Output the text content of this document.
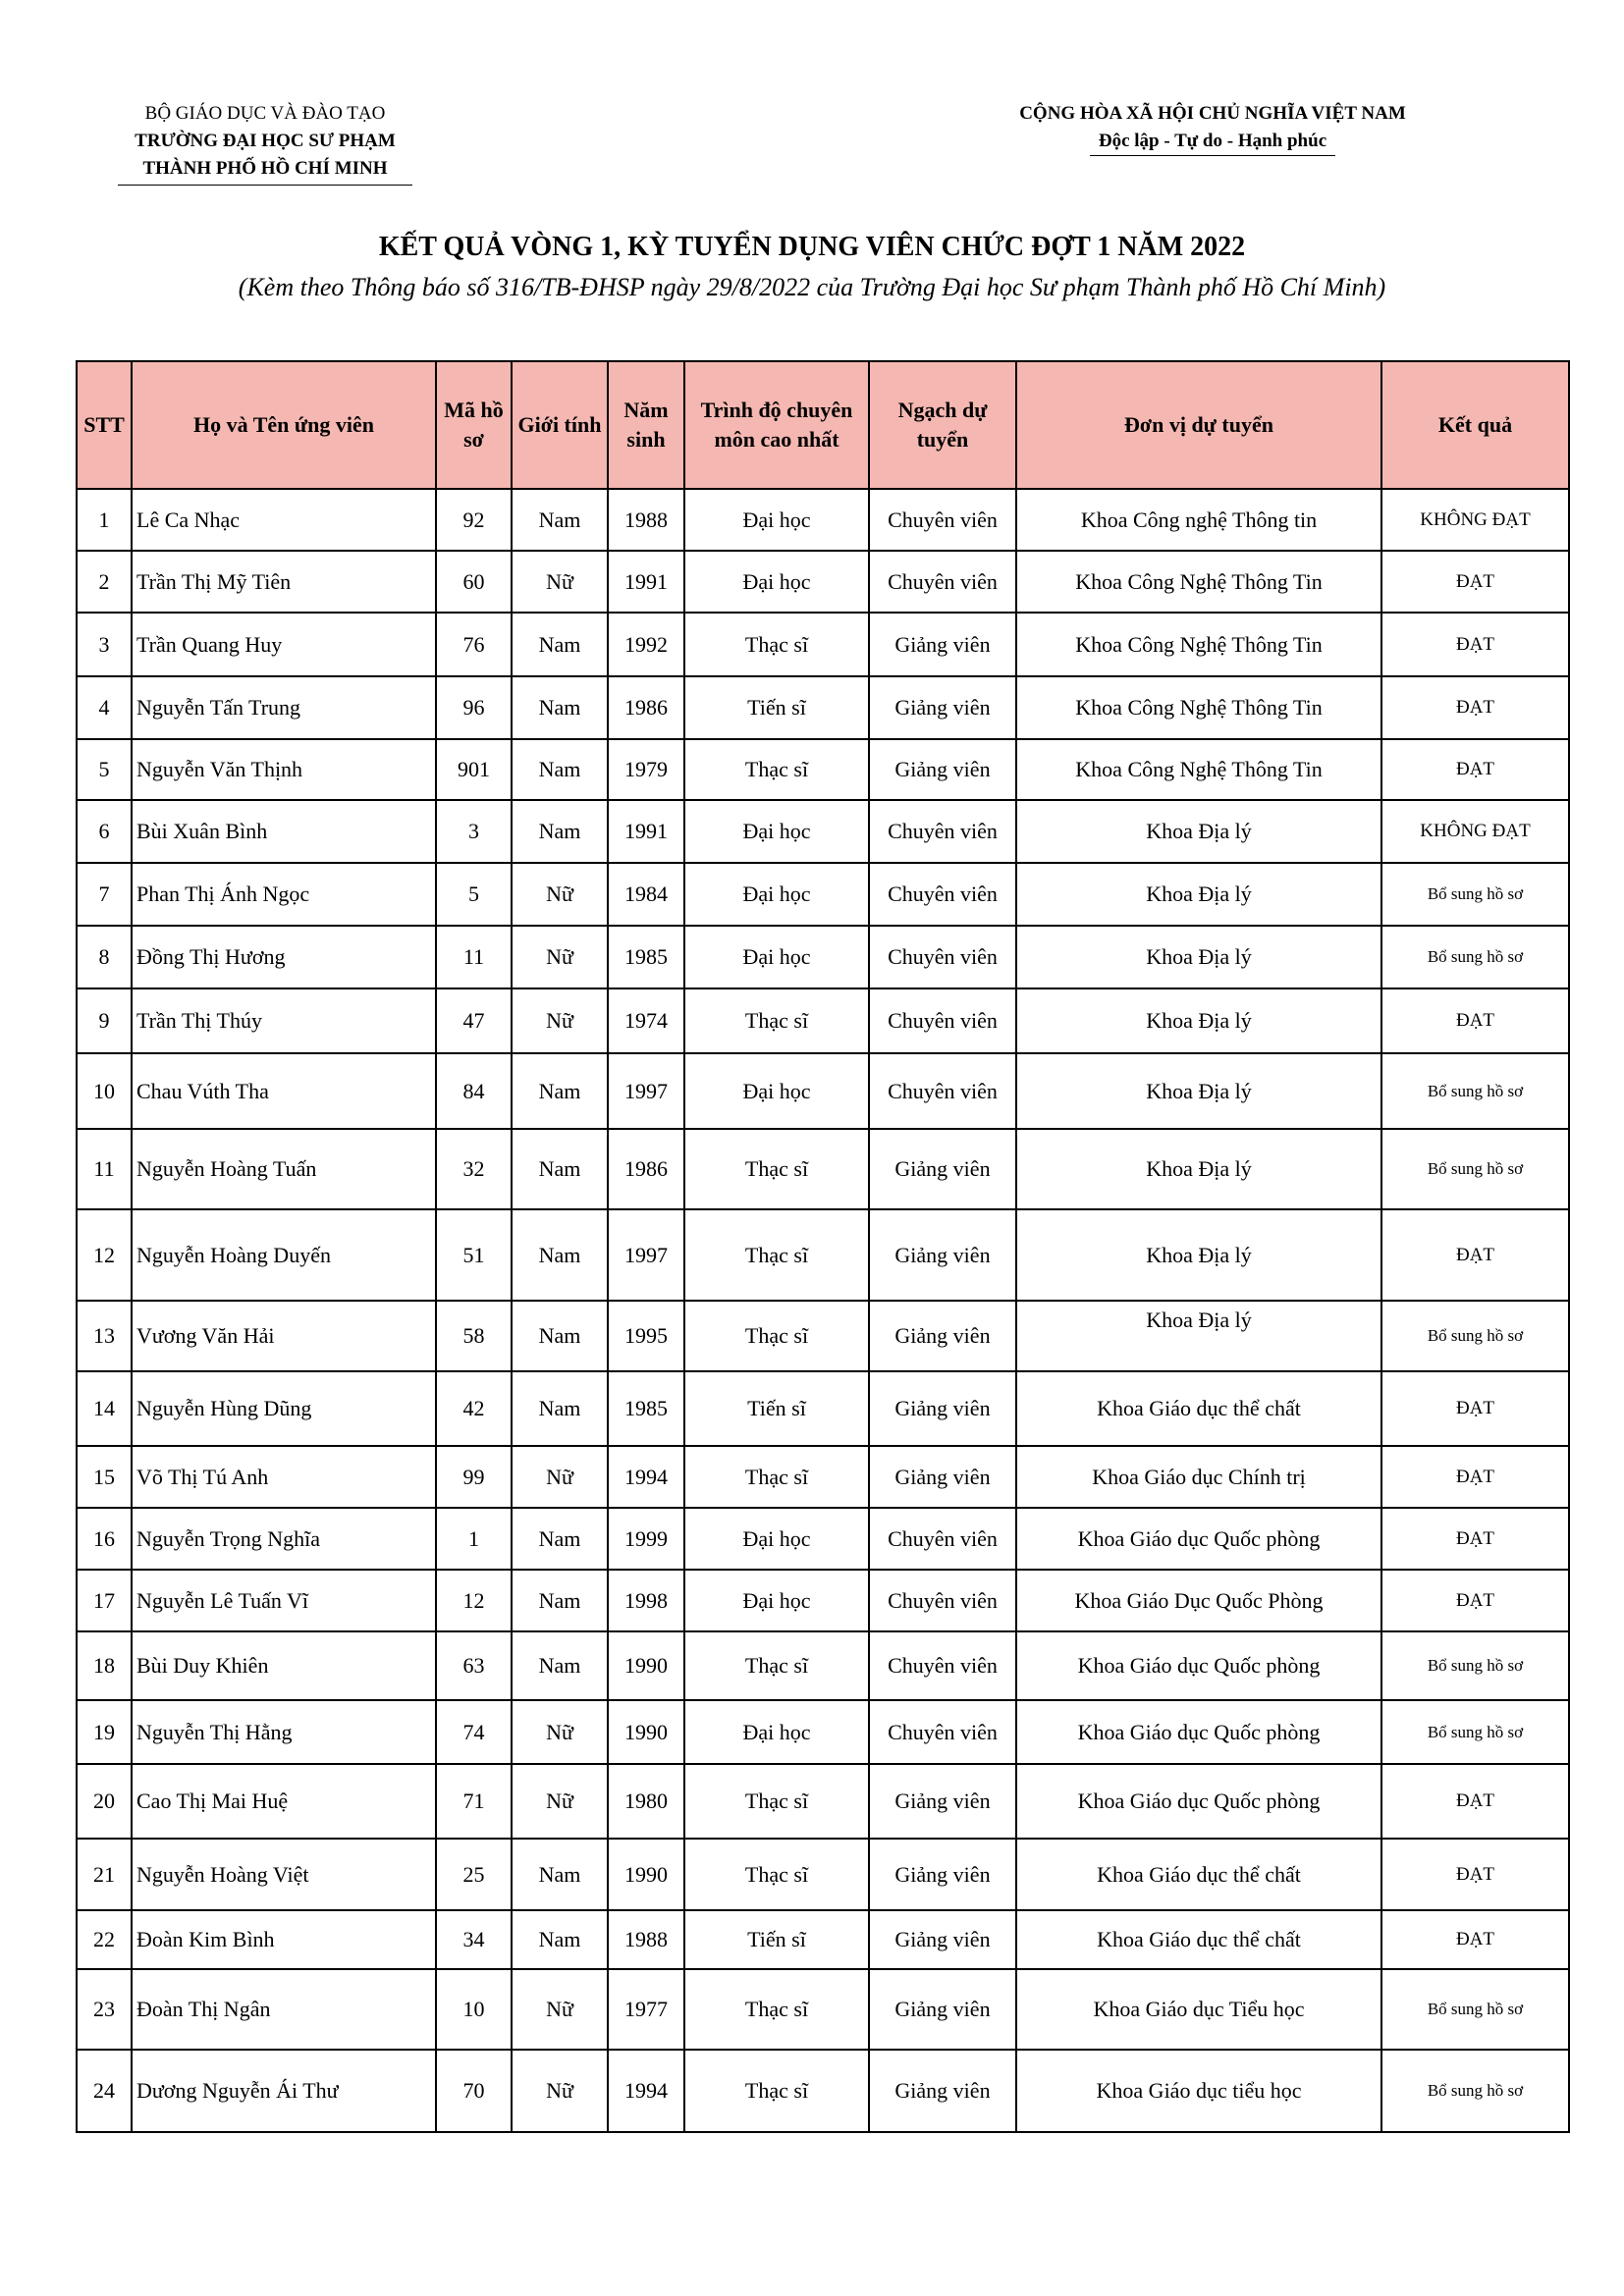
BỘ GIÁO DỤC VÀ ĐÀO TẠO
TRƯỜNG ĐẠI HỌC SƯ PHẠM
THÀNH PHỐ HỒ CHÍ MINH
CỘNG HÒA XÃ HỘI CHỦ NGHĨA VIỆT NAM
Độc lập - Tự do - Hạnh phúc
KẾT QUẢ VÒNG 1, KỲ TUYỂN DỤNG VIÊN CHỨC ĐỢT 1 NĂM 2022
(Kèm theo Thông báo số 316/TB-ĐHSP ngày 29/8/2022 của Trường Đại học Sư phạm Thành phố Hồ Chí Minh)
STT	Họ và Tên ứng viên	Mã hồ sơ	Giới tính	Năm sinh	Trình độ chuyên môn cao nhất	Ngạch dự tuyển	Đơn vị dự tuyển	Kết quả
1	Lê Ca Nhạc	92	Nam	1988	Đại học	Chuyên viên	Khoa Công nghệ Thông tin	KHÔNG ĐẠT
2	Trần Thị Mỹ Tiên	60	Nữ	1991	Đại học	Chuyên viên	Khoa Công Nghệ Thông Tin	ĐẠT
3	Trần Quang Huy	76	Nam	1992	Thạc sĩ	Giảng viên	Khoa Công Nghệ Thông Tin	ĐẠT
4	Nguyễn Tấn Trung	96	Nam	1986	Tiến sĩ	Giảng viên	Khoa Công Nghệ Thông Tin	ĐẠT
5	Nguyễn Văn Thịnh	901	Nam	1979	Thạc sĩ	Giảng viên	Khoa Công Nghệ Thông Tin	ĐẠT
6	Bùi Xuân Bình	3	Nam	1991	Đại học	Chuyên viên	Khoa Địa lý	KHÔNG ĐẠT
7	Phan Thị Ánh Ngọc	5	Nữ	1984	Đại học	Chuyên viên	Khoa Địa lý	Bổ sung hồ sơ
8	Đồng Thị Hương	11	Nữ	1985	Đại học	Chuyên viên	Khoa Địa lý	Bổ sung hồ sơ
9	Trần Thị Thúy	47	Nữ	1974	Thạc sĩ	Chuyên viên	Khoa Địa lý	ĐẠT
10	Chau Vúth Tha	84	Nam	1997	Đại học	Chuyên viên	Khoa Địa lý	Bổ sung hồ sơ
11	Nguyễn Hoàng Tuấn	32	Nam	1986	Thạc sĩ	Giảng viên	Khoa Địa lý	Bổ sung hồ sơ
12	Nguyễn Hoàng Duyến	51	Nam	1997	Thạc sĩ	Giảng viên	Khoa Địa lý	ĐẠT
13	Vương Văn Hải	58	Nam	1995	Thạc sĩ	Giảng viên	Khoa Địa lý	Bổ sung hồ sơ
14	Nguyễn Hùng Dũng	42	Nam	1985	Tiến sĩ	Giảng viên	Khoa Giáo dục thể chất	ĐẠT
15	Võ Thị Tú Anh	99	Nữ	1994	Thạc sĩ	Giảng viên	Khoa Giáo dục Chính trị	ĐẠT
16	Nguyễn Trọng Nghĩa	1	Nam	1999	Đại học	Chuyên viên	Khoa Giáo dục Quốc phòng	ĐẠT
17	Nguyễn Lê Tuấn Vĩ	12	Nam	1998	Đại học	Chuyên viên	Khoa Giáo Dục Quốc Phòng	ĐẠT
18	Bùi Duy Khiên	63	Nam	1990	Thạc sĩ	Chuyên viên	Khoa Giáo dục Quốc phòng	Bổ sung hồ sơ
19	Nguyễn Thị Hằng	74	Nữ	1990	Đại học	Chuyên viên	Khoa Giáo dục Quốc phòng	Bổ sung hồ sơ
20	Cao Thị Mai Huệ	71	Nữ	1980	Thạc sĩ	Giảng viên	Khoa Giáo dục Quốc phòng	ĐẠT
21	Nguyễn Hoàng Việt	25	Nam	1990	Thạc sĩ	Giảng viên	Khoa Giáo dục thể chất	ĐẠT
22	Đoàn Kim Bình	34	Nam	1988	Tiến sĩ	Giảng viên	Khoa Giáo dục thể chất	ĐẠT
23	Đoàn Thị Ngân	10	Nữ	1977	Thạc sĩ	Giảng viên	Khoa Giáo dục Tiểu học	Bổ sung hồ sơ
24	Dương Nguyễn Ái Thư	70	Nữ	1994	Thạc sĩ	Giảng viên	Khoa Giáo dục tiểu học	Bổ sung hồ sơ
